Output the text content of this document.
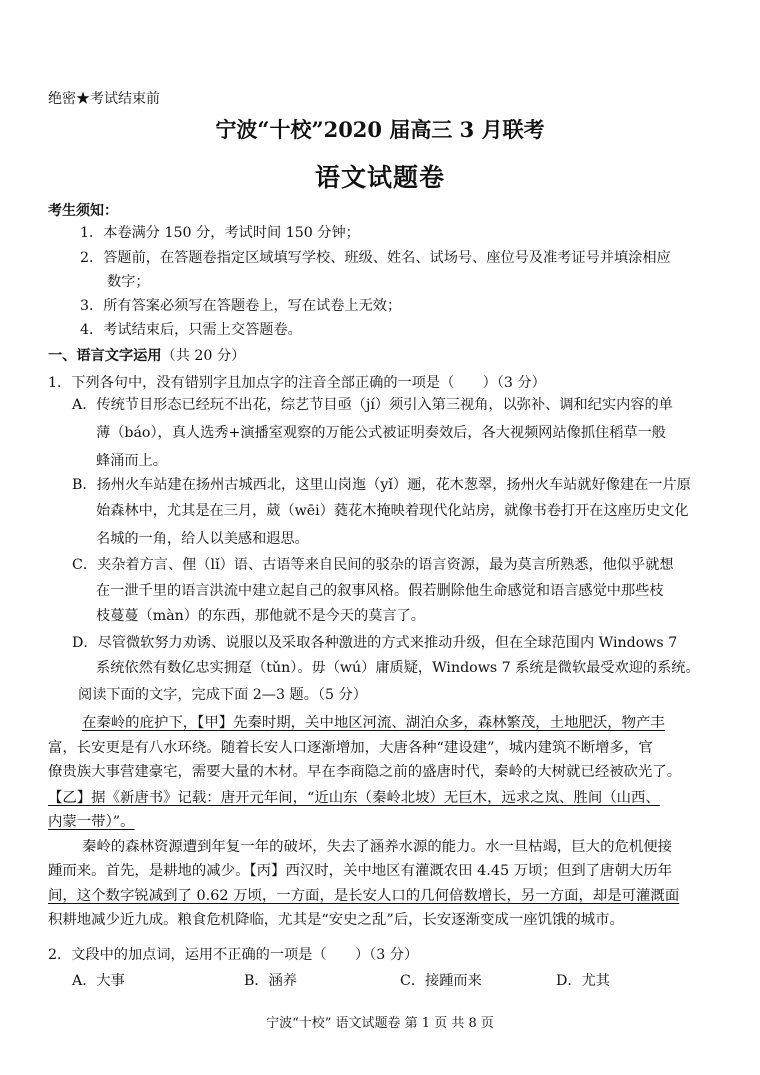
绝密★考试结束前
宁波“十校”2020 届高三 3 月联考
语文试题卷
考生须知：
1．本卷满分 150 分，考试时间 150 分钟；
2．答题前，在答题卷指定区域填写学校、班级、姓名、试场号、座位号及准考证号并填涂相应
数字；
3．所有答案必须写在答题卷上，写在试卷上无效；
4．考试结束后，只需上交答题卷。
一、语言文字运用（共 20 分）
1．下列各句中，没有错别字且加点字的注音全部正确的一项是（　　）（3 分）
A．传统节目形态已经玩不出花，综艺节目亟（jí）须引入第三视角，以弥补、调和纪实内容的单
薄（báo），真人选秀+演播室观察的万能公式被证明奏效后，各大视频网站像抓住稻草一般
蜂涌而上。
B．扬州火车站建在扬州古城西北，这里山岗迤（yǐ）逦，花木葱翠，扬州火车站就好像建在一片原
始森林中，尤其是在三月，葳（wēi）蕤花木掩映着现代化站房，就像书卷打开在这座历史文化
名城的一角，给人以美感和遐思。
C．夹杂着方言、俚（lǐ）语、古语等来自民间的驳杂的语言资源，最为莫言所熟悉，他似乎就想
在一泄千里的语言洪流中建立起自己的叙事风格。假若删除他生命感觉和语言感觉中那些枝
枝蔓蔓（màn）的东西，那他就不是今天的莫言了。
D．尽管微软努力劝诱、说服以及采取各种激进的方式来推动升级，但在全球范围内 Windows 7
系统依然有数亿忠实拥趸（tǔn）。毋（wú）庸质疑，Windows 7 系统是微软最受欢迎的系统。
阅读下面的文字，完成下面 2—3 题。（5 分）
在秦岭的庇护下，【甲】先秦时期，关中地区河流、湖泊众多，森林繁茂，土地肥沃，物产丰
富，长安更是有八水环绕。随着长安人口逐渐增加，大唐各种“建设建”，城内建筑不断增多，官
僚贵族大事营建豪宅，需要大量的木材。早在李商隐之前的盛唐时代，秦岭的大树就已经被砍光了。
【乙】据《新唐书》记载：唐开元年间，“近山东（秦岭北坡）无巨木，远求之岚、胜间（山西、
内蒙一带）”。
秦岭的森林资源遭到年复一年的破坏，失去了涵养水源的能力。水一旦枯竭，巨大的危机便接
踵而来。首先，是耕地的减少。【丙】西汉时，关中地区有灌溉农田 4.45 万顷；但到了唐朝大历年
间，这个数字锐减到了 0.62 万顷，一方面，是长安人口的几何倍数增长，另一方面，却是可灌溉面
积耕地减少近九成。粮食危机降临，尤其是“安史之乱”后，长安逐渐变成一座饥饿的城市。
2．文段中的加点词，运用不正确的一项是（　　）（3 分）
A．大事	B．涵养	C．接踵而来	D．尤其
宁波“十校” 语文试题卷 第 1 页 共 8 页
